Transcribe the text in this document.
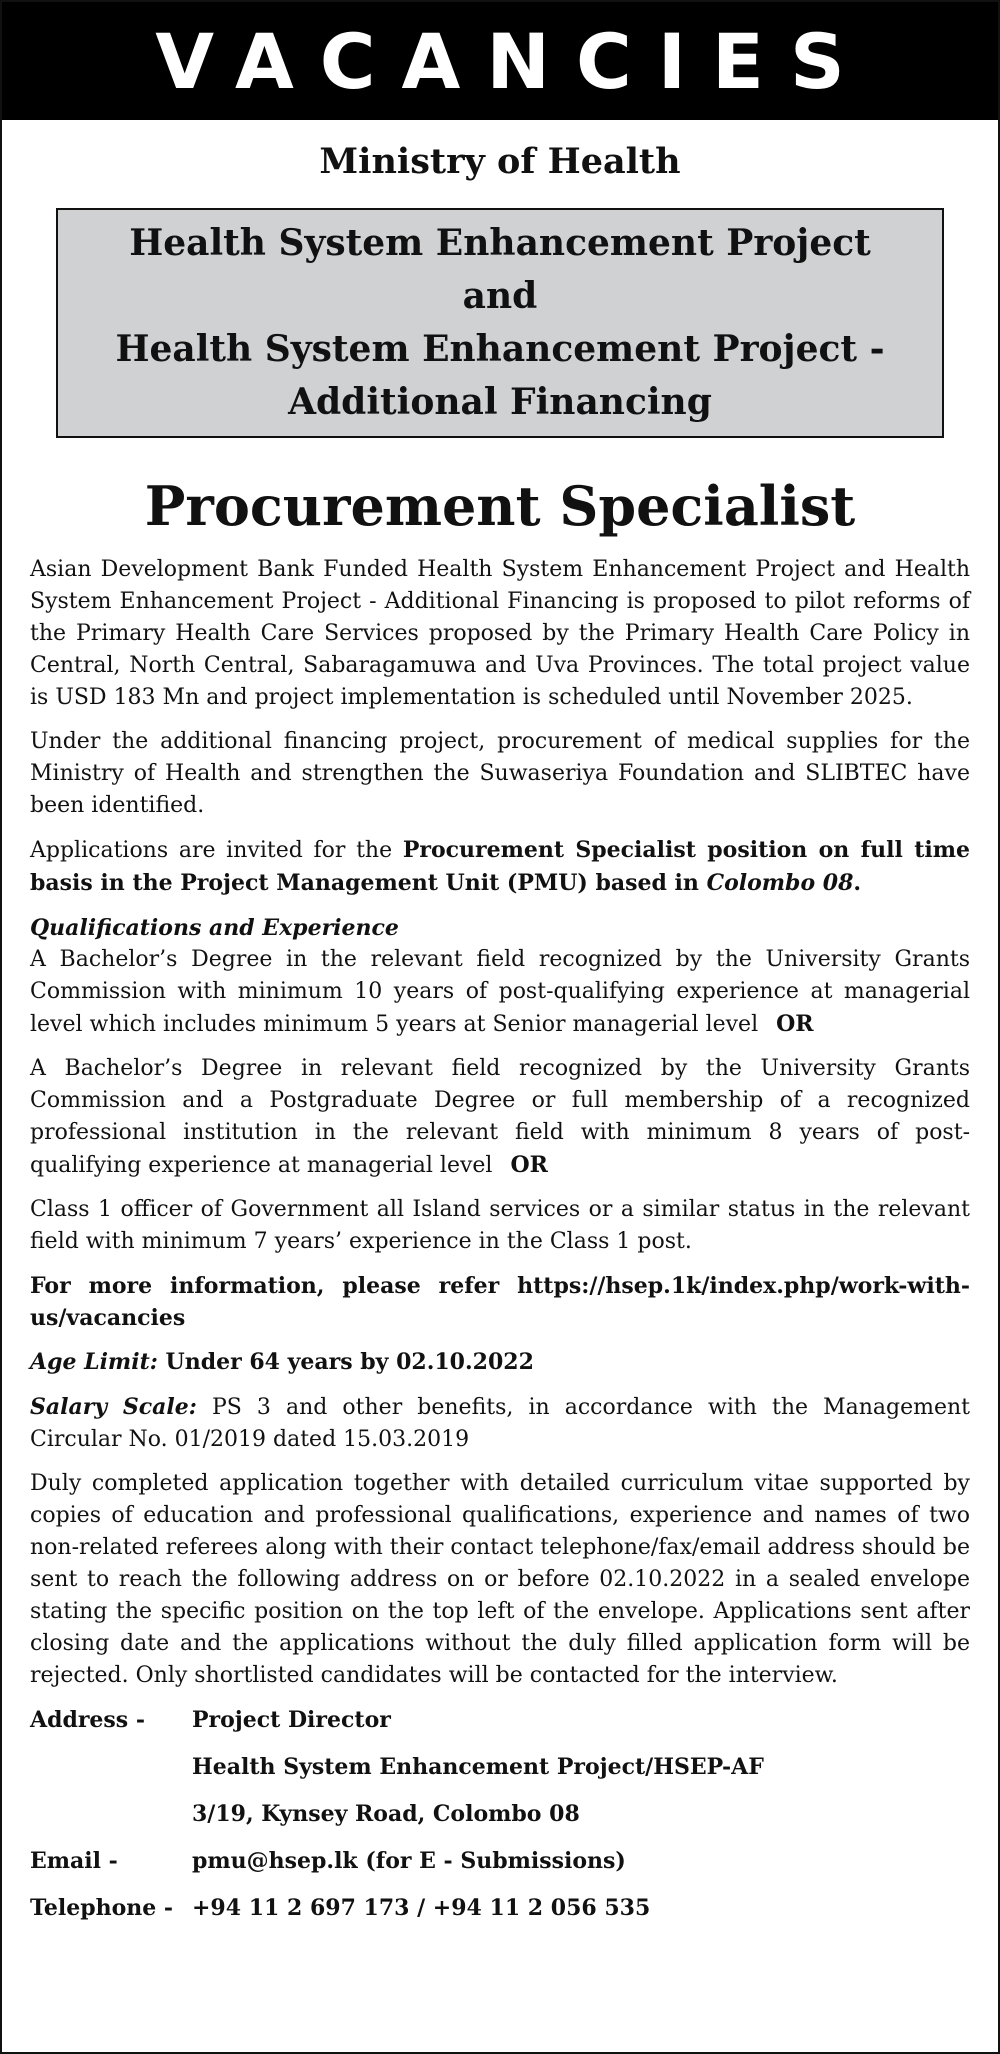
VACANCIES
Ministry of Health
Health System Enhancement Project
and
Health System Enhancement Project -
Additional Financing
Procurement Specialist

Asian Development Bank Funded Health System Enhancement Project and Health System Enhancement Project - Additional Financing is proposed to pilot reforms of the Primary Health Care Services proposed by the Primary Health Care Policy in Central, North Central, Sabaragamuwa and Uva Provinces. The total project value is USD 183 Mn and project implementation is scheduled until November 2025.

Under the additional financing project, procurement of medical supplies for the Ministry of Health and strengthen the Suwaseriya Foundation and SLIBTEC have been identified.

Applications are invited for the Procurement Specialist position on full time basis in the Project Management Unit (PMU) based in Colombo 08.

Qualifications and Experience

A Bachelor’s Degree in the relevant field recognized by the University Grants Commission with minimum 10 years of post-qualifying experience at managerial level which includes minimum 5 years at Senior managerial level OR

A Bachelor’s Degree in relevant field recognized by the University Grants Commission and a Postgraduate Degree or full membership of a recognized professional institution in the relevant field with minimum 8 years of post-qualifying experience at managerial level OR

Class 1 officer of Government all Island services or a similar status in the relevant field with minimum 7 years’ experience in the Class 1 post.

For more information, please refer https://hsep.1k/index.php/work-with-us/vacancies

Age Limit: Under 64 years by 02.10.2022

Salary Scale: PS 3 and other benefits, in accordance with the Management Circular No. 01/2019 dated 15.03.2019

Duly completed application together with detailed curriculum vitae supported by copies of education and professional qualifications, experience and names of two non-related referees along with their contact telephone/fax/email address should be sent to reach the following address on or before 02.10.2022 in a sealed envelope stating the specific position on the top left of the envelope. Applications sent after closing date and the applications without the duly filled application form will be rejected. Only shortlisted candidates will be contacted for the interview.

Address -	Project Director
Health System Enhancement Project/HSEP-AF
3/19, Kynsey Road, Colombo 08
Email -	pmu@hsep.lk (for E - Submissions)
Telephone - +94 11 2 697 173 / +94 11 2 056 535
